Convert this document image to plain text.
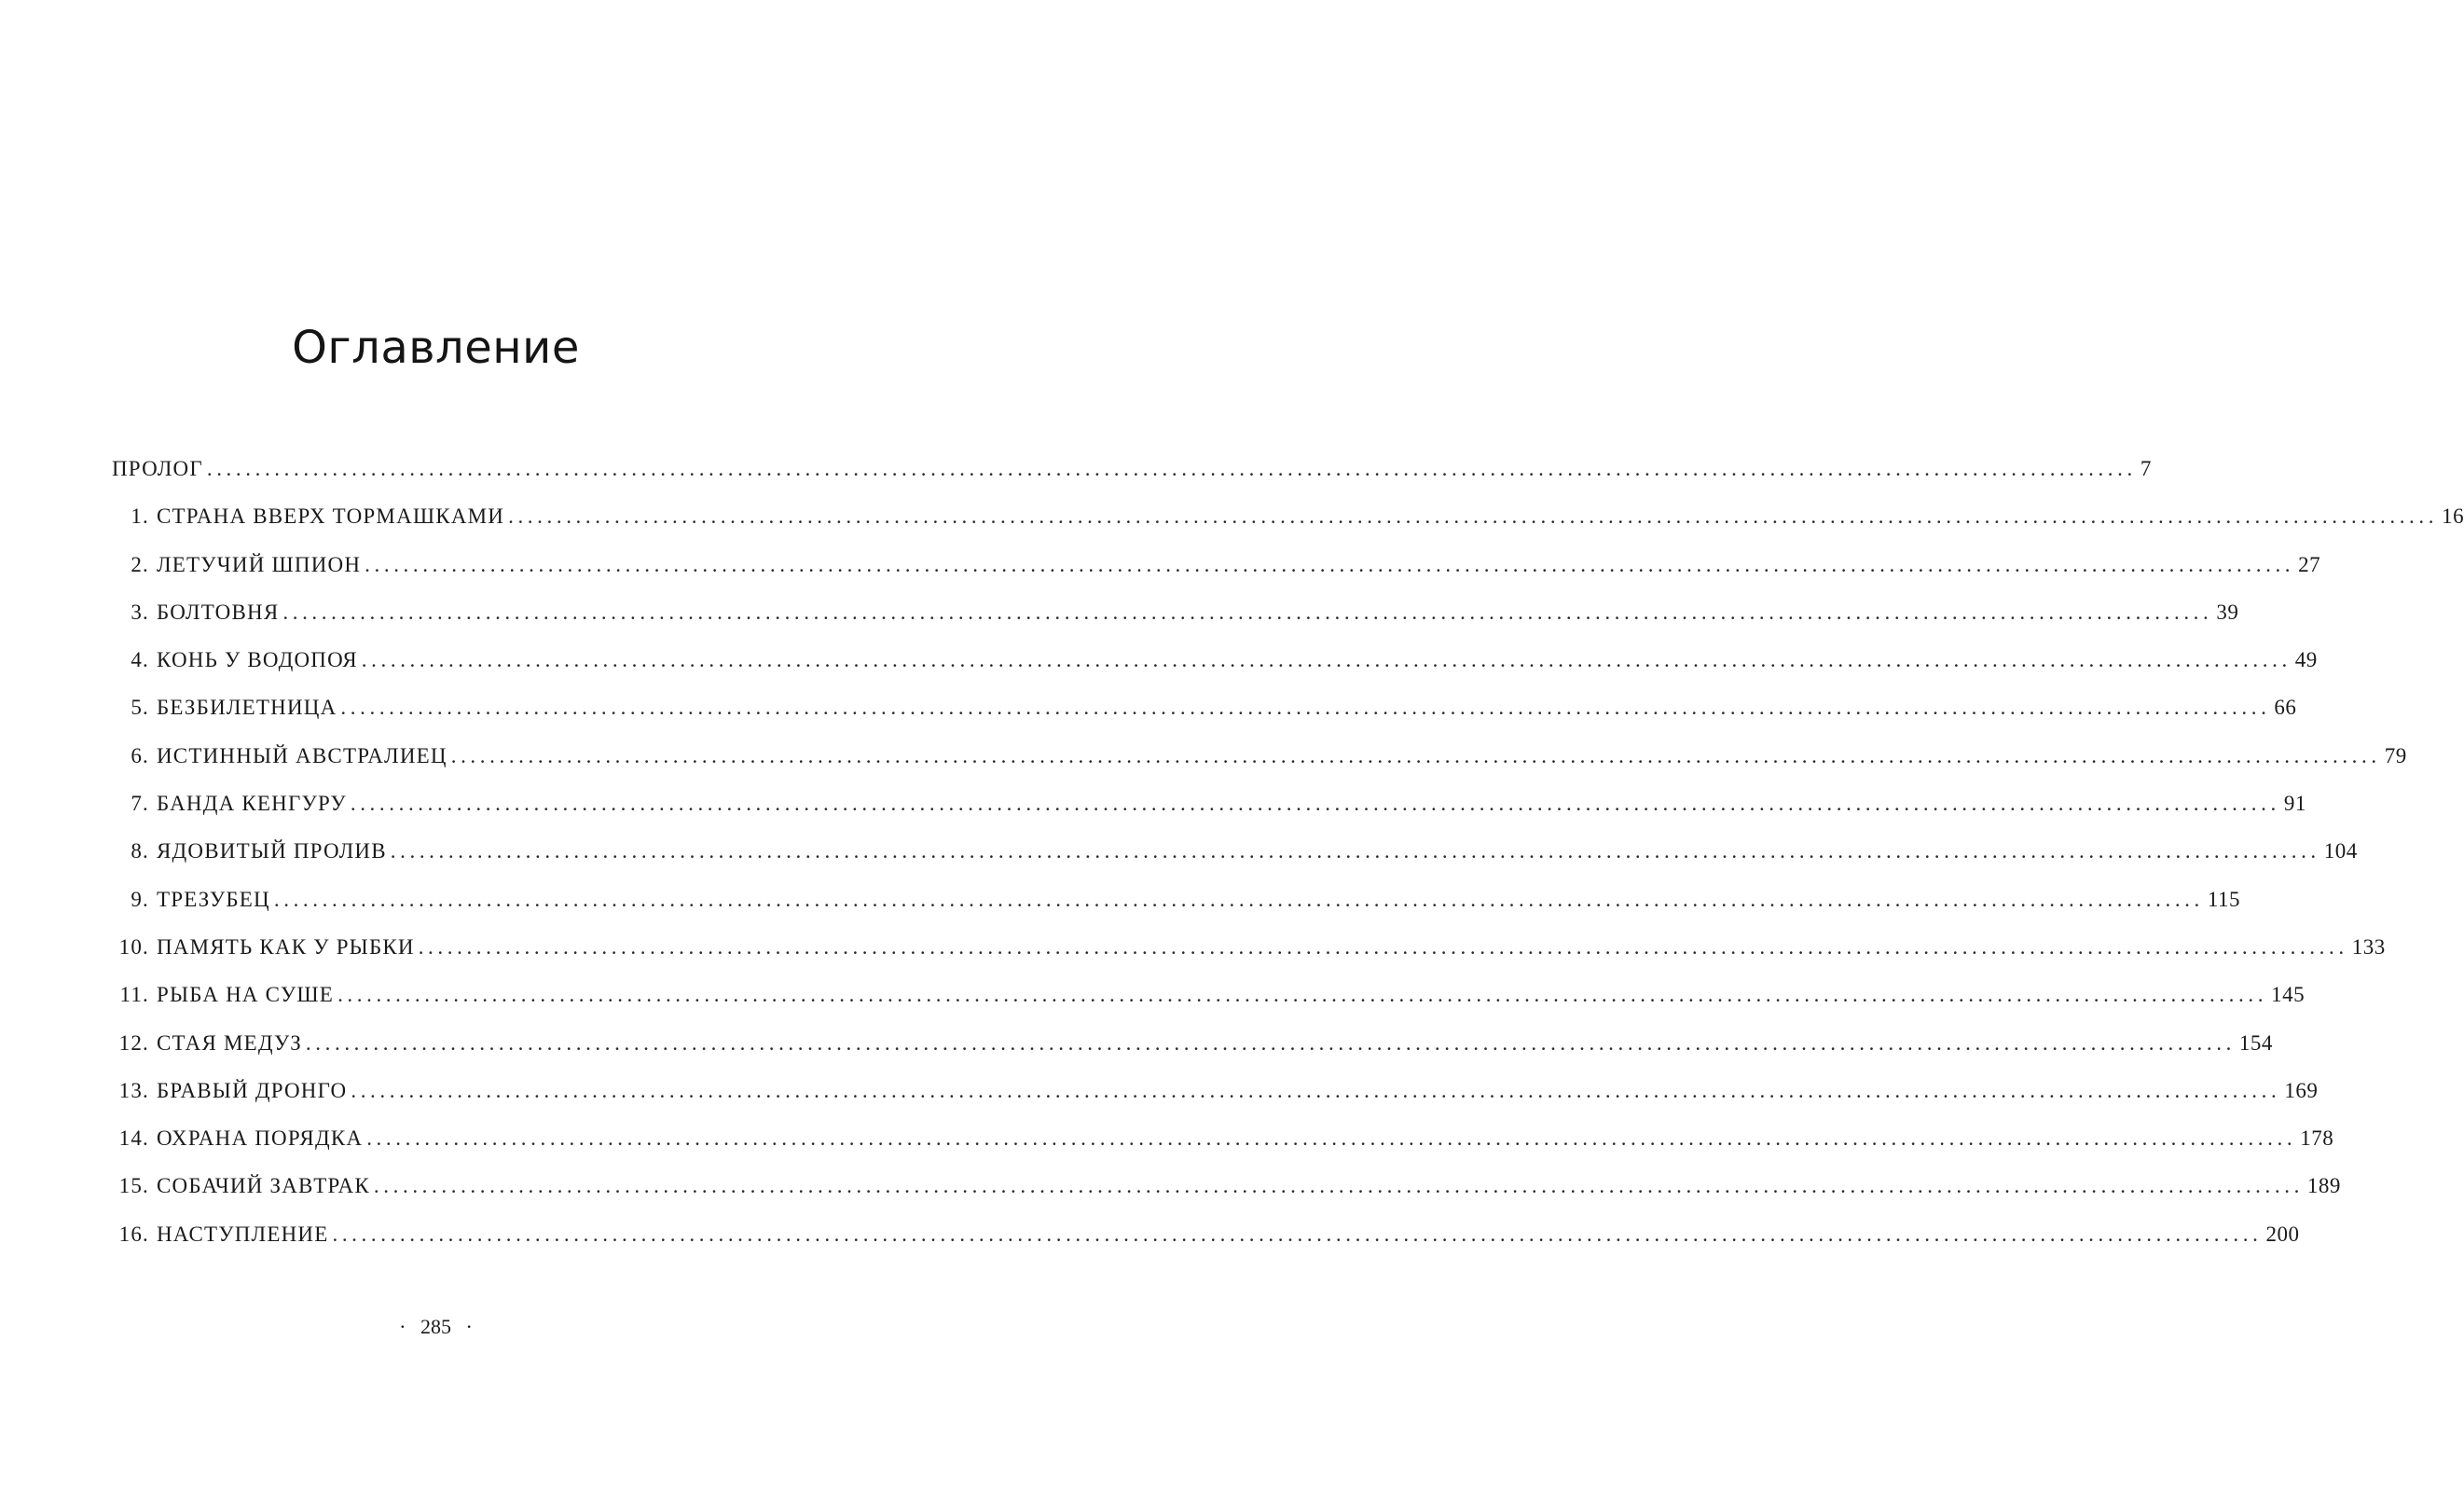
Оглавление
ПРОЛОГ ........................................................................................................................................................................................................ 7
1. СТРАНА ВВЕРХ ТОРМАШКАМИ ........................................................................................................................................................................................................ 16
2. ЛЕТУЧИЙ ШПИОН ........................................................................................................................................................................................................ 27
3. БОЛТОВНЯ ........................................................................................................................................................................................................ 39
4. КОНЬ У ВОДОПОЯ ........................................................................................................................................................................................................ 49
5. БЕЗБИЛЕТНИЦА ........................................................................................................................................................................................................ 66
6. ИСТИННЫЙ АВСТРАЛИЕЦ ........................................................................................................................................................................................................ 79
7. БАНДА КЕНГУРУ ........................................................................................................................................................................................................ 91
8. ЯДОВИТЫЙ ПРОЛИВ ........................................................................................................................................................................................................ 104
9. ТРЕЗУБЕЦ ........................................................................................................................................................................................................ 115
10. ПАМЯТЬ КАК У РЫБКИ ........................................................................................................................................................................................................ 133
11. РЫБА НА СУШЕ ........................................................................................................................................................................................................ 145
12. СТАЯ МЕДУЗ ........................................................................................................................................................................................................ 154
13. БРАВЫЙ ДРОНГО ........................................................................................................................................................................................................ 169
14. ОХРАНА ПОРЯДКА ........................................................................................................................................................................................................ 178
15. СОБАЧИЙ ЗАВТРАК ........................................................................................................................................................................................................ 189
16. НАСТУПЛЕНИЕ ........................................................................................................................................................................................................ 200
· 285 ·
